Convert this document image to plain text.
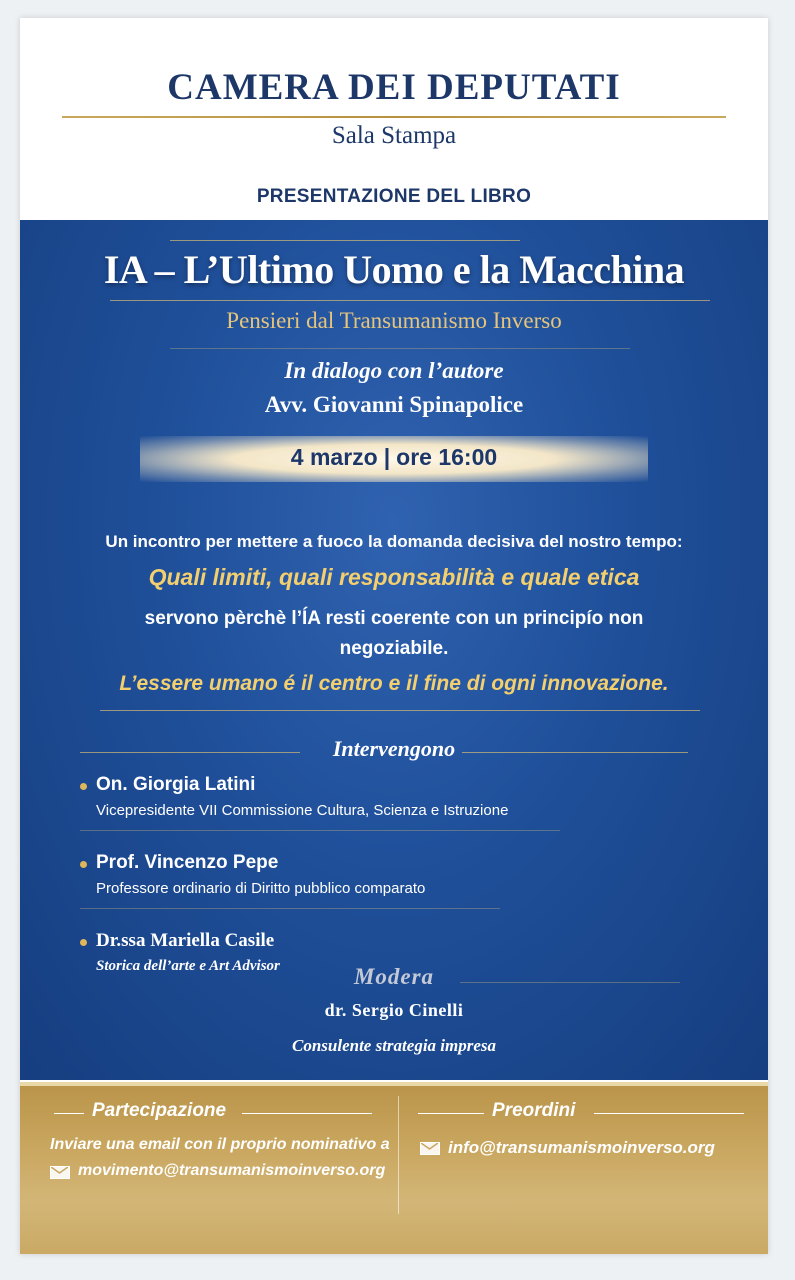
CAMERA DEI DEPUTATI
Sala Stampa
PRESENTAZIONE DEL LIBRO
IA – L’Ultimo Uomo e la Macchina
Pensieri dal Transumanismo Inverso
In dialogo con l’autore
Avv. Giovanni Spinapolice
4 marzo | ore 16:00
Un incontro per mettere a fuoco la domanda decisiva del nostro tempo:
Quali limiti, quali responsabilità e quale etica
servono pèrchè l’ÍA resti coerente con un principío non negoziabile.
L’essere umano é il centro e il fine di ogni innovazione.
Intervengono
On. Giorgia Latini
Vicepresidente VII Commissione Cultura, Scienza e Istruzione
Prof. Vincenzo Pepe
Professore ordinario di Diritto pubblico comparato
Dr.ssa Mariella Casile
Storica dell’arte e Art Advisor	Modera
dr. Sergio Cinelli
Consulente strategia impresa
Partecipazione
Inviare una email con il proprio nominativo a
movimento@transumanismoinverso.org
Preordini
info@transumanismoinverso.org
